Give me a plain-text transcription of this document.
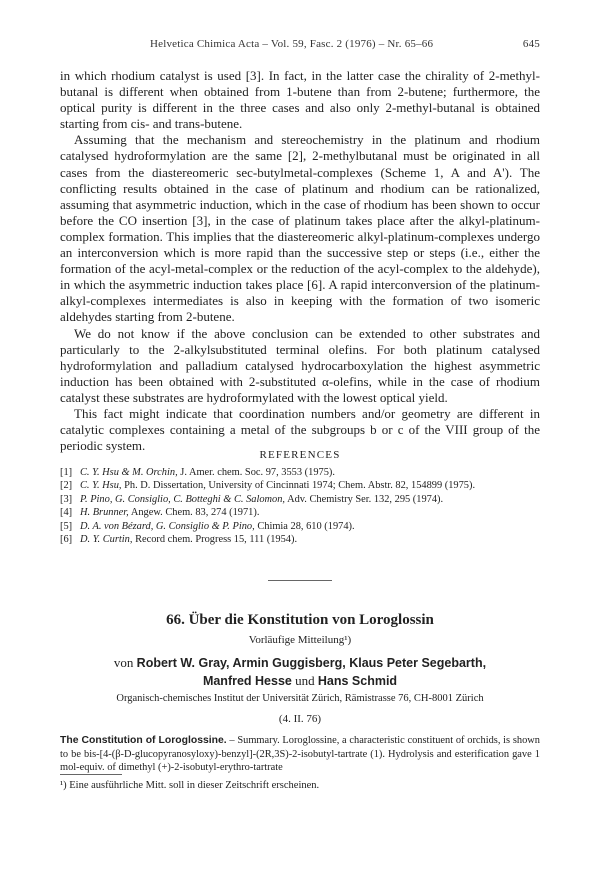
Helvetica Chimica Acta – Vol. 59, Fasc. 2 (1976) – Nr. 65–66	645

in which rhodium catalyst is used [3]. In fact, in the latter case the chirality of 2-methyl-butanal is different when obtained from 1-butene than from 2-butene; furthermore, the optical purity is different in the three cases and also only 2-methyl-butanal is obtained starting from cis- and trans-butene.

Assuming that the mechanism and stereochemistry in the platinum and rhodium catalysed hydroformylation are the same [2], 2-methylbutanal must be originated in all cases from the diastereomeric sec-butylmetal-complexes (Scheme 1, A and A'). The conflicting results obtained in the case of platinum and rhodium can be rationalized, assuming that asymmetric induction, which in the case of rhodium has been shown to occur before the CO insertion [3], in the case of platinum takes place after the alkyl-platinum-complex formation. This implies that the diastereomeric alkyl-platinum-complexes undergo an interconversion which is more rapid than the successive step or steps (i.e., either the formation of the acyl-metal-complex or the reduction of the acyl-complex to the aldehyde), in which the asymmetric induction takes place [6]. A rapid interconversion of the platinum-alkyl-complexes intermediates is also in keeping with the formation of two isomeric aldehydes starting from 2-butene.

We do not know if the above conclusion can be extended to other substrates and particularly to the 2-alkylsubstituted terminal olefins. For both platinum catalysed hydroformylation and palladium catalysed hydrocarboxylation the highest asymmetric induction has been obtained with 2-substituted α-olefins, while in the case of rhodium catalyst these substrates are hydroformylated with the lowest optical yield.

This fact might indicate that coordination numbers and/or geometry are different in catalytic complexes containing a metal of the subgroups b or c of the VIII group of the periodic system.

REFERENCES
[1] C. Y. Hsu & M. Orchin, J. Amer. chem. Soc. 97, 3553 (1975).
[2] C. Y. Hsu, Ph. D. Dissertation, University of Cincinnati 1974; Chem. Abstr. 82, 154899 (1975).
[3] P. Pino, G. Consiglio, C. Botteghi & C. Salomon, Adv. Chemistry Ser. 132, 295 (1974).
[4] H. Brunner, Angew. Chem. 83, 274 (1971).
[5] D. A. von Bézard, G. Consiglio & P. Pino, Chimia 28, 610 (1974).
[6] D. Y. Curtin, Record chem. Progress 15, 111 (1954).
66. Über die Konstitution von Loroglossin
Vorläufige Mitteilung¹)
von Robert W. Gray, Armin Guggisberg, Klaus Peter Segebarth,
Manfred Hesse und Hans Schmid
Organisch-chemisches Institut der Universität Zürich, Rämistrasse 76, CH-8001 Zürich
(4. II. 76)
The Constitution of Loroglossine. – Summary. Loroglossine, a characteristic constituent of orchids, is shown to be bis-[4-(β-D-glucopyranosyloxy)-benzyl]-(2R,3S)-2-isobutyl-tartrate (1). Hydrolysis and esterification gave 1 mol-equiv. of dimethyl (+)-2-isobutyl-erythro-tartrate
¹) Eine ausführliche Mitt. soll in dieser Zeitschrift erscheinen.
